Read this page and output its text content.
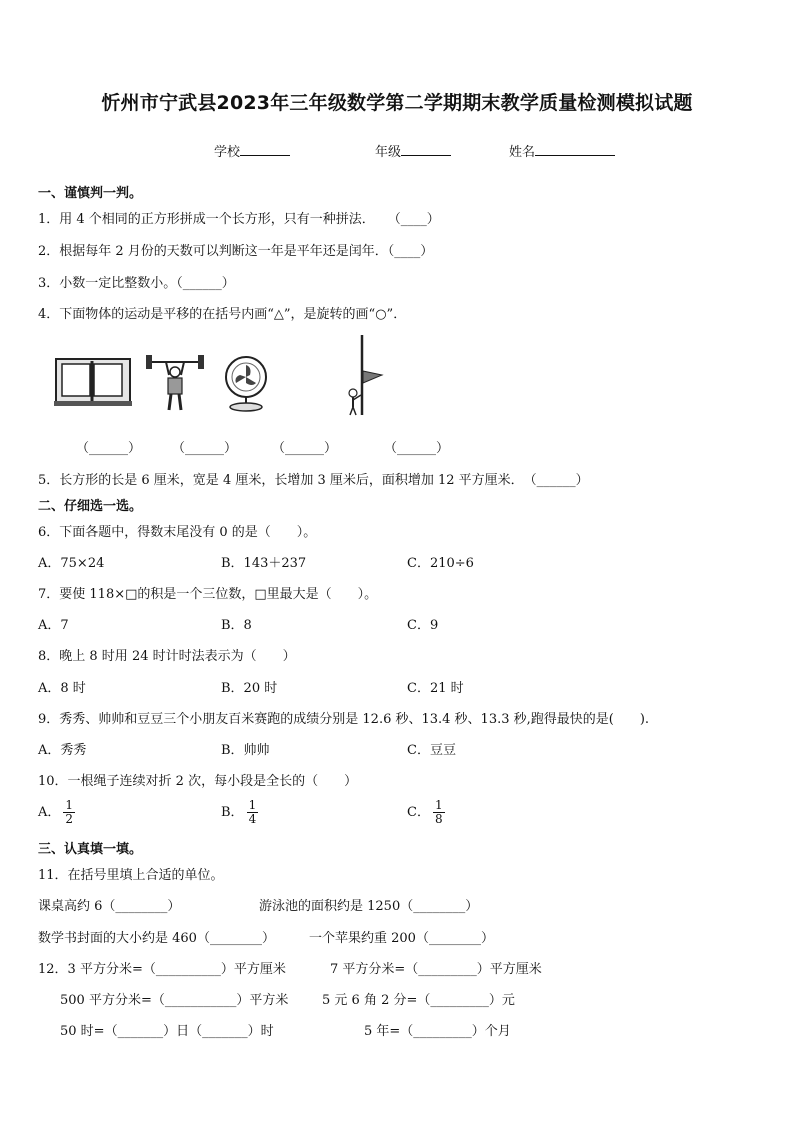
忻州市宁武县2023年三年级数学第二学期期末教学质量检测模拟试题
学校	年级	姓名
一、谨慎判一判。
1．用 4 个相同的正方形拼成一个长方形，只有一种拼法．　　（____）
2．根据每年 2 月份的天数可以判断这一年是平年还是闰年．（____）
3．小数一定比整数小。（______）
4．下面物体的运动是平移的在括号内画“△”，是旋转的画“○”．
（______） （______）	（______）	（______）
5．长方形的长是 6 厘米，宽是 4 厘米，长增加 3 厘米后，面积增加 12 平方厘米．　（______）
二、仔细选一选。
6．下面各题中，得数末尾没有 0 的是（　　）。
A．75×24	B．143＋237	C．210÷6
7．要使 118×□的积是一个三位数，□里最大是（　　）。
A．7	B．8	C．9
8．晚上 8 时用 24 时计时法表示为（　　）
A．8 时	B．20 时	C．21 时
9．秀秀、帅帅和豆豆三个小朋友百米赛跑的成绩分别是 12.6 秒、13.4 秒、13.3 秒,跑得最快的是(　　).
A．秀秀	B．帅帅	C．豆豆
10．一根绳子连续对折 2 次，每小段是全长的（　　）
A． $\frac{1}{2}$	B． $\frac{1}{4}$	C． $\frac{1}{8}$
三、认真填一填。
11．在括号里填上合适的单位。
课桌高约 6（________）	游泳池的面积约是 1250（________）
数学书封面的大小约是 460（________）	一个苹果约重 200（________）
12．3 平方分米=（__________）平方厘米	7 平方分米=（_________）平方厘米
500 平方分米=（___________）平方米	5 元 6 角 2 分=（_________）元
50 时=（_______）日（_______）时	5 年=（_________）个月
